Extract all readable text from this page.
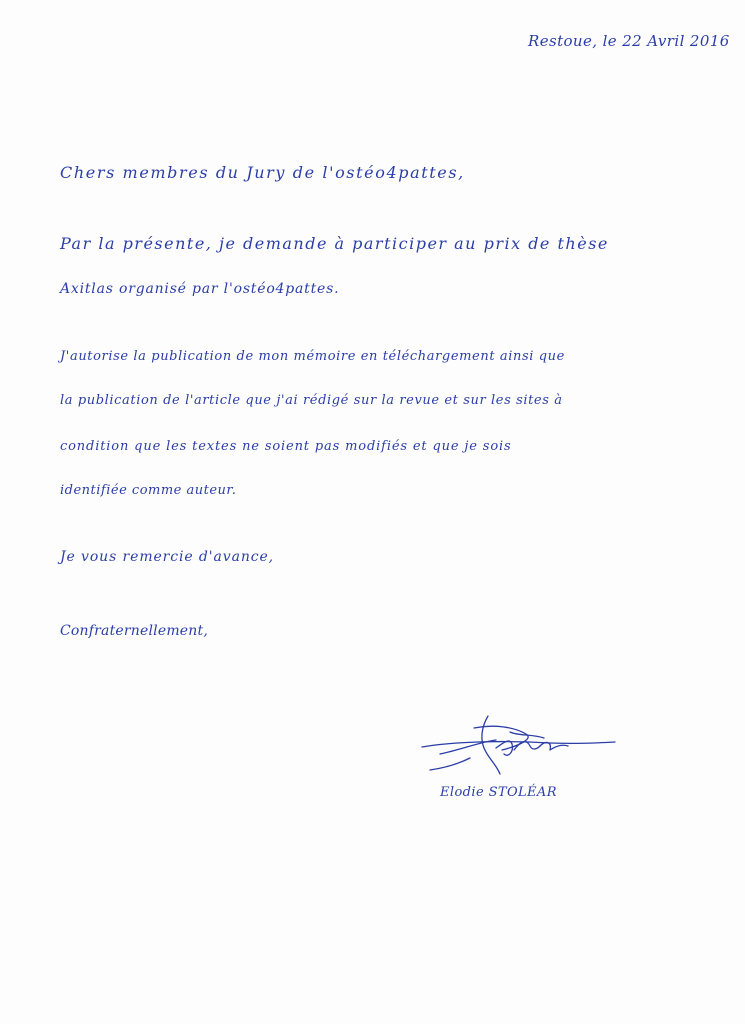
Restoue, le 22 Avril 2016
Chers membres du Jury de l'ostéo4pattes,
Par la présente, je demande à participer au prix de thèse
Axitlas organisé par l'ostéo4pattes.
J'autorise la publication de mon mémoire en téléchargement ainsi que
la publication de l'article que j'ai rédigé sur la revue et sur les sites à
condition que les textes ne soient pas modifiés et que je sois
identifiée comme auteur.
Je vous remercie d'avance,
Confraternellement,
Elodie STOLÉAR
